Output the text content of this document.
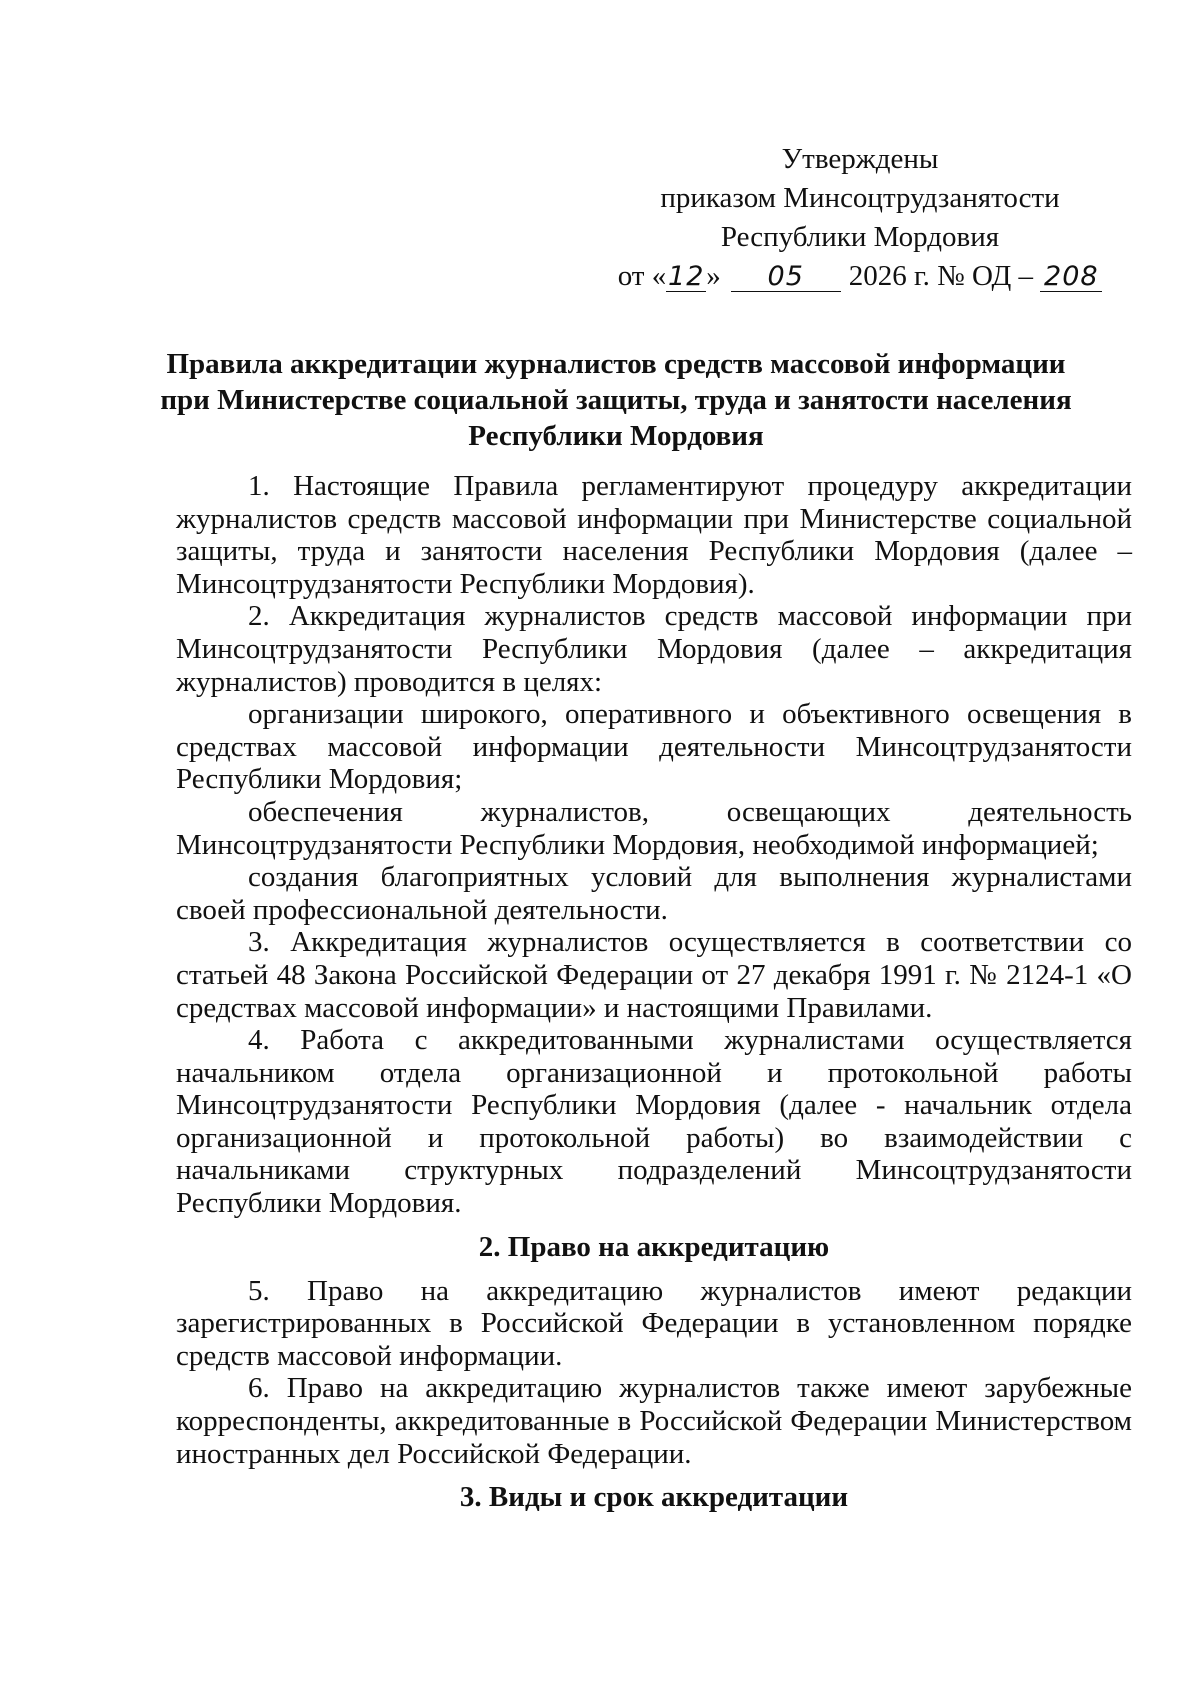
Утверждены
приказом Минсоцтрудзанятости
Республики Мордовия
от «12» 05 2026 г. № ОД – 208
Правила аккредитации журналистов средств массовой информации
при Министерстве социальной защиты, труда и занятости населения
Республики Мордовия

1. Настоящие Правила регламентируют процедуру аккредитации журналистов средств массовой информации при Министерстве социальной защиты, труда и занятости населения Республики Мордовия (далее – Минсоцтрудзанятости Республики Мордовия).

2. Аккредитация журналистов средств массовой информации при Минсоцтрудзанятости Республики Мордовия (далее – аккредитация журналистов) проводится в целях:

организации широкого, оперативного и объективного освещения в средствах массовой информации деятельности Минсоцтрудзанятости Республики Мордовия;

обеспечения журналистов, освещающих деятельность Минсоцтрудзанятости Республики Мордовия, необходимой информацией;

создания благоприятных условий для выполнения журналистами своей профессиональной деятельности.

3. Аккредитация журналистов осуществляется в соответствии со статьей 48 Закона Российской Федерации от 27 декабря 1991 г. № 2124-1 «О средствах массовой информации» и настоящими Правилами.

4. Работа с аккредитованными журналистами осуществляется начальником отдела организационной и протокольной работы Минсоцтрудзанятости Республики Мордовия (далее - начальник отдела организационной и протокольной работы) во взаимодействии с начальниками структурных подразделений Минсоцтрудзанятости Республики Мордовия.

2. Право на аккредитацию

5. Право на аккредитацию журналистов имеют редакции зарегистрированных в Российской Федерации в установленном порядке средств массовой информации.

6. Право на аккредитацию журналистов также имеют зарубежные корреспонденты, аккредитованные в Российской Федерации Министерством иностранных дел Российской Федерации.

3. Виды и срок аккредитации
